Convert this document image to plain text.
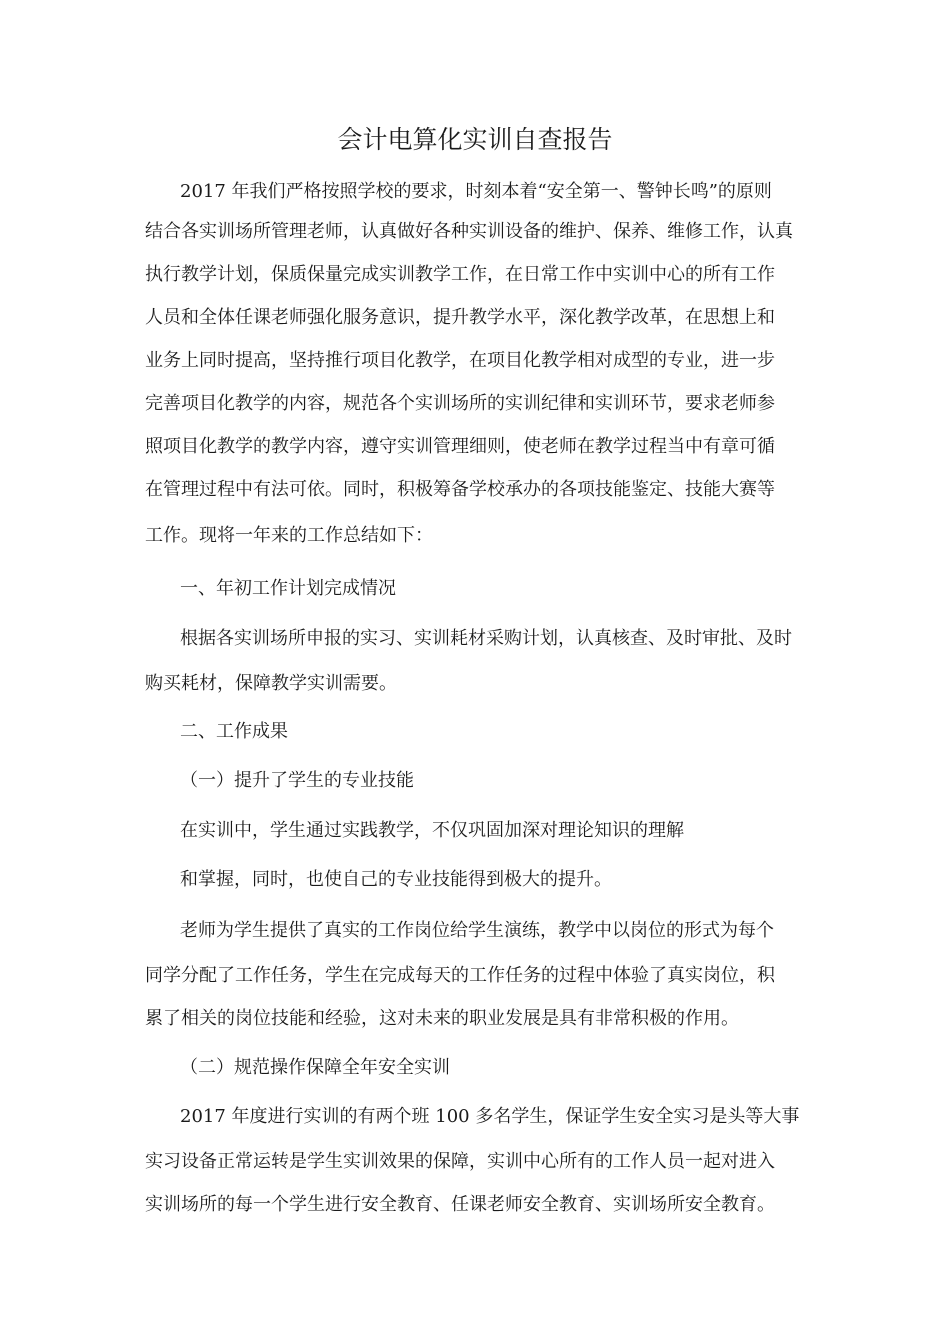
会计电算化实训自查报告

2017 年我们严格按照学校的要求，时刻本着“安全第一、警钟长鸣”的原则

结合各实训场所管理老师，认真做好各种实训设备的维护、保养、维修工作，认真

执行教学计划，保质保量完成实训教学工作，在日常工作中实训中心的所有工作

人员和全体任课老师强化服务意识，提升教学水平，深化教学改革，在思想上和

业务上同时提高，坚持推行项目化教学，在项目化教学相对成型的专业，进一步

完善项目化教学的内容，规范各个实训场所的实训纪律和实训环节，要求老师参

照项目化教学的教学内容，遵守实训管理细则，使老师在教学过程当中有章可循

在管理过程中有法可依。同时，积极筹备学校承办的各项技能鉴定、技能大赛等

工作。现将一年来的工作总结如下：

一、年初工作计划完成情况

根据各实训场所申报的实习、实训耗材采购计划，认真核查、及时审批、及时

购买耗材，保障教学实训需要。

二、工作成果

（一）提升了学生的专业技能

在实训中，学生通过实践教学，不仅巩固加深对理论知识的理解

和掌握，同时，也使自己的专业技能得到极大的提升。

老师为学生提供了真实的工作岗位给学生演练，教学中以岗位的形式为每个

同学分配了工作任务，学生在完成每天的工作任务的过程中体验了真实岗位，积

累了相关的岗位技能和经验，这对未来的职业发展是具有非常积极的作用。

（二）规范操作保障全年安全实训

2017 年度进行实训的有两个班 100 多名学生，保证学生安全实习是头等大事

实习设备正常运转是学生实训效果的保障，实训中心所有的工作人员一起对进入

实训场所的每一个学生进行安全教育、任课老师安全教育、实训场所安全教育。
